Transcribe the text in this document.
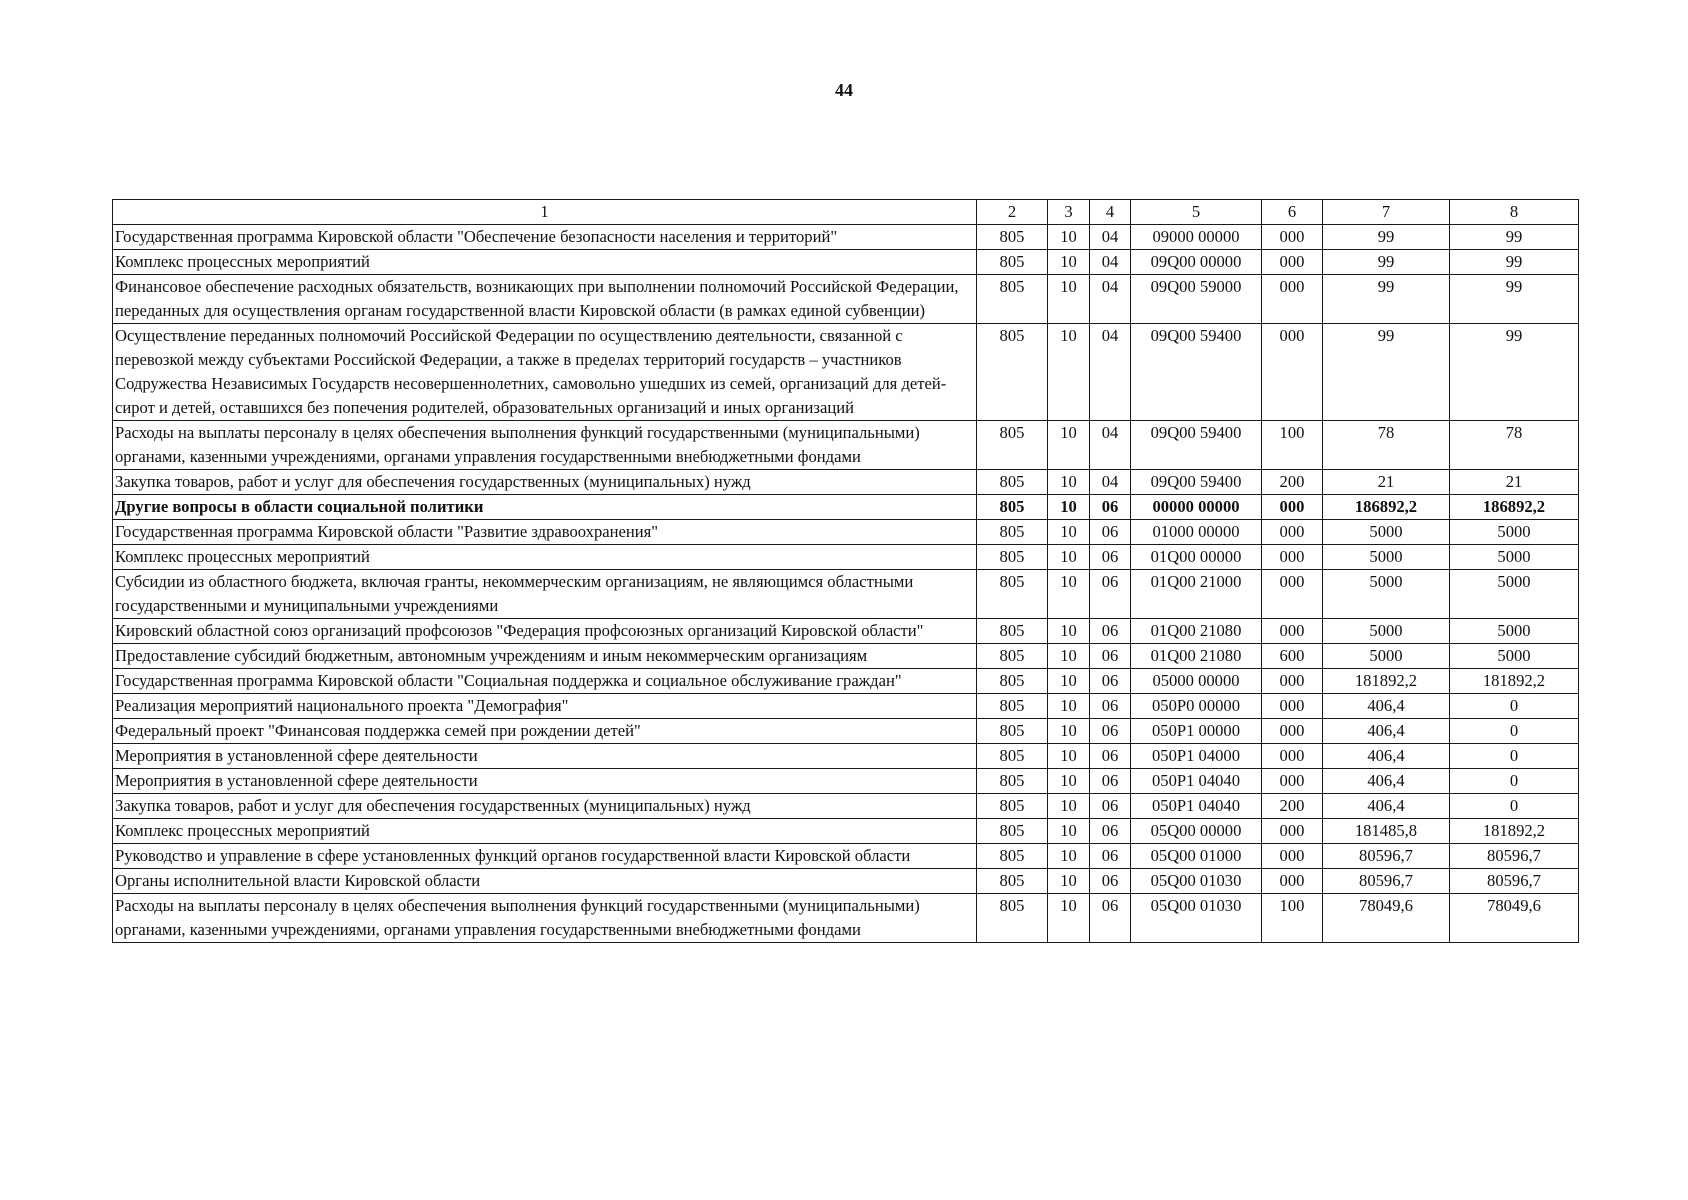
44
1	2	3	4	5	6	7	8
Государственная программа Кировской области "Обеспечение безопасности населения и территорий"	805	10	04	09000 00000	000	99	99
Комплекс процессных мероприятий	805	10	04	09Q00 00000	000	99	99
Финансовое обеспечение расходных обязательств, возникающих при выполнении полномочий Российской Федерации, переданных для осуществления органам государственной власти Кировской области (в рамках единой субвенции)	805	10	04	09Q00 59000	000	99	99
Осуществление переданных полномочий Российской Федерации по осуществлению деятельности, связанной с перевозкой между субъектами Российской Федерации, а также в пределах территорий государств – участников Содружества Независимых Государств несовершеннолетних, самовольно ушедших из семей, организаций для детей-сирот и детей, оставшихся без попечения родителей, образовательных организаций и иных организаций	805	10	04	09Q00 59400	000	99	99
Расходы на выплаты персоналу в целях обеспечения выполнения функций государственными (муниципальными) органами, казенными учреждениями, органами управления государственными внебюджетными фондами	805	10	04	09Q00 59400	100	78	78
Закупка товаров, работ и услуг для обеспечения государственных (муниципальных) нужд	805	10	04	09Q00 59400	200	21	21
Другие вопросы в области социальной политики	805	10	06	00000 00000	000	186892,2	186892,2
Государственная программа Кировской области "Развитие здравоохранения"	805	10	06	01000 00000	000	5000	5000
Комплекс процессных мероприятий	805	10	06	01Q00 00000	000	5000	5000
Субсидии из областного бюджета, включая гранты, некоммерческим организациям, не являющимся областными государственными и муниципальными учреждениями	805	10	06	01Q00 21000	000	5000	5000
Кировский областной союз организаций профсоюзов "Федерация профсоюзных организаций Кировской области"	805	10	06	01Q00 21080	000	5000	5000
Предоставление субсидий бюджетным, автономным учреждениям и иным некоммерческим организациям	805	10	06	01Q00 21080	600	5000	5000
Государственная программа Кировской области "Социальная поддержка и социальное обслуживание граждан"	805	10	06	05000 00000	000	181892,2	181892,2
Реализация мероприятий национального проекта "Демография"	805	10	06	050P0 00000	000	406,4	0
Федеральный проект "Финансовая поддержка семей при рождении детей"	805	10	06	050P1 00000	000	406,4	0
Мероприятия в установленной сфере деятельности	805	10	06	050P1 04000	000	406,4	0
Мероприятия в установленной сфере деятельности	805	10	06	050P1 04040	000	406,4	0
Закупка товаров, работ и услуг для обеспечения государственных (муниципальных) нужд	805	10	06	050P1 04040	200	406,4	0
Комплекс процессных мероприятий	805	10	06	05Q00 00000	000	181485,8	181892,2
Руководство и управление в сфере установленных функций органов государственной власти Кировской области	805	10	06	05Q00 01000	000	80596,7	80596,7
Органы исполнительной власти Кировской области	805	10	06	05Q00 01030	000	80596,7	80596,7
Расходы на выплаты персоналу в целях обеспечения выполнения функций государственными (муниципальными) органами, казенными учреждениями, органами управления государственными внебюджетными фондами	805	10	06	05Q00 01030	100	78049,6	78049,6
